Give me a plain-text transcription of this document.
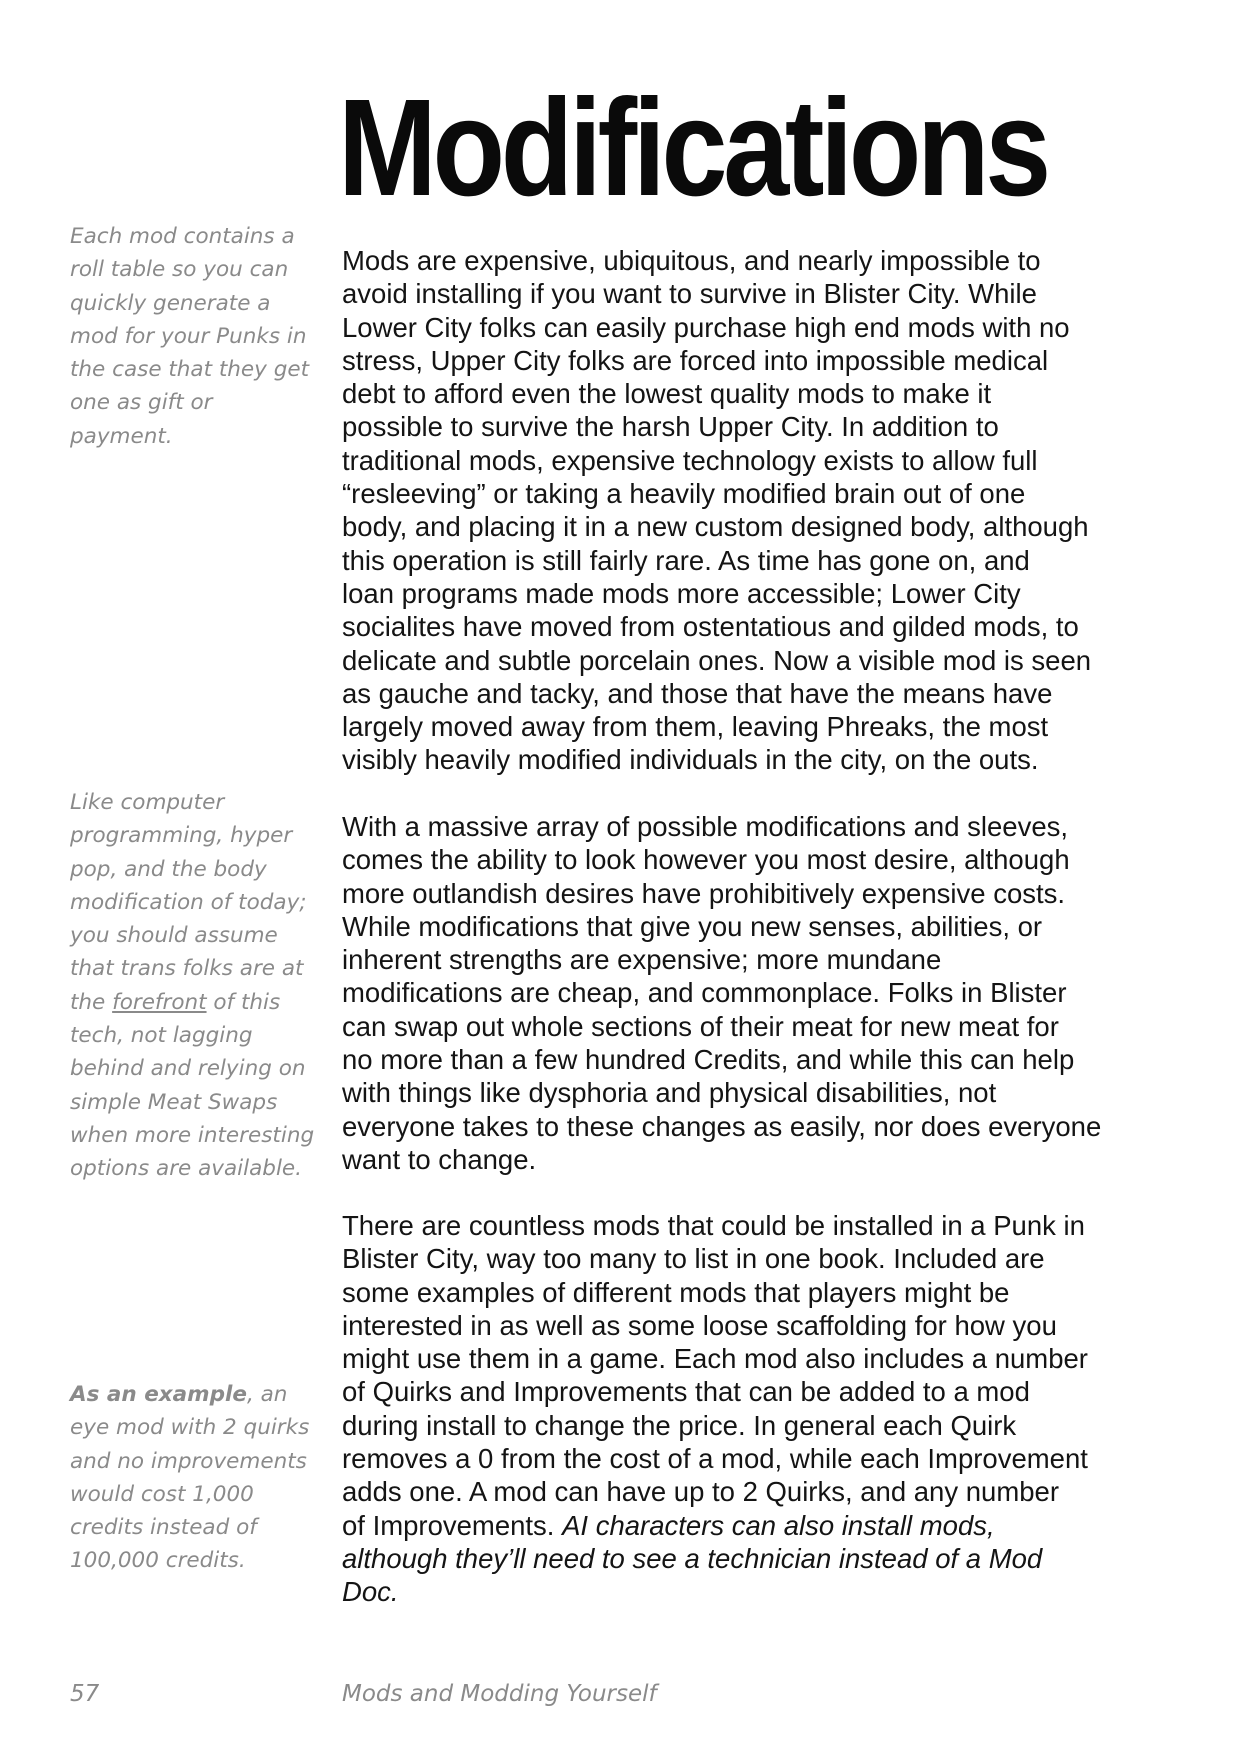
Modifications

Each mod contains a
roll table so you can
quickly generate a
mod for your Punks in
the case that they get
one as gift or
payment.

Like computer
programming, hyper
pop, and the body
modification of today;
you should assume
that trans folks are at
the forefront of this
tech, not lagging
behind and relying on
simple Meat Swaps
when more interesting
options are available.

As an example, an
eye mod with 2 quirks
and no improvements
would cost 1,000
credits instead of
100,000 credits.

Mods are expensive, ubiquitous, and nearly impossible to
avoid installing if you want to survive in Blister City. While
Lower City folks can easily purchase high end mods with no
stress, Upper City folks are forced into impossible medical
debt to afford even the lowest quality mods to make it
possible to survive the harsh Upper City. In addition to
traditional mods, expensive technology exists to allow full
“resleeving” or taking a heavily modified brain out of one
body, and placing it in a new custom designed body, although
this operation is still fairly rare. As time has gone on, and
loan programs made mods more accessible; Lower City
socialites have moved from ostentatious and gilded mods, to
delicate and subtle porcelain ones. Now a visible mod is seen
as gauche and tacky, and those that have the means have
largely moved away from them, leaving Phreaks, the most
visibly heavily modified individuals in the city, on the outs.

With a massive array of possible modifications and sleeves,
comes the ability to look however you most desire, although
more outlandish desires have prohibitively expensive costs.
While modifications that give you new senses, abilities, or
inherent strengths are expensive; more mundane
modifications are cheap, and commonplace. Folks in Blister
can swap out whole sections of their meat for new meat for
no more than a few hundred Credits, and while this can help
with things like dysphoria and physical disabilities, not
everyone takes to these changes as easily, nor does everyone
want to change.

There are countless mods that could be installed in a Punk in
Blister City, way too many to list in one book. Included are
some examples of different mods that players might be
interested in as well as some loose scaffolding for how you
might use them in a game. Each mod also includes a number
of Quirks and Improvements that can be added to a mod
during install to change the price. In general each Quirk
removes a 0 from the cost of a mod, while each Improvement
adds one. A mod can have up to 2 Quirks, and any number
of Improvements. AI characters can also install mods,
although they’ll need to see a technician instead of a Mod
Doc.

57	Mods and Modding Yourself
